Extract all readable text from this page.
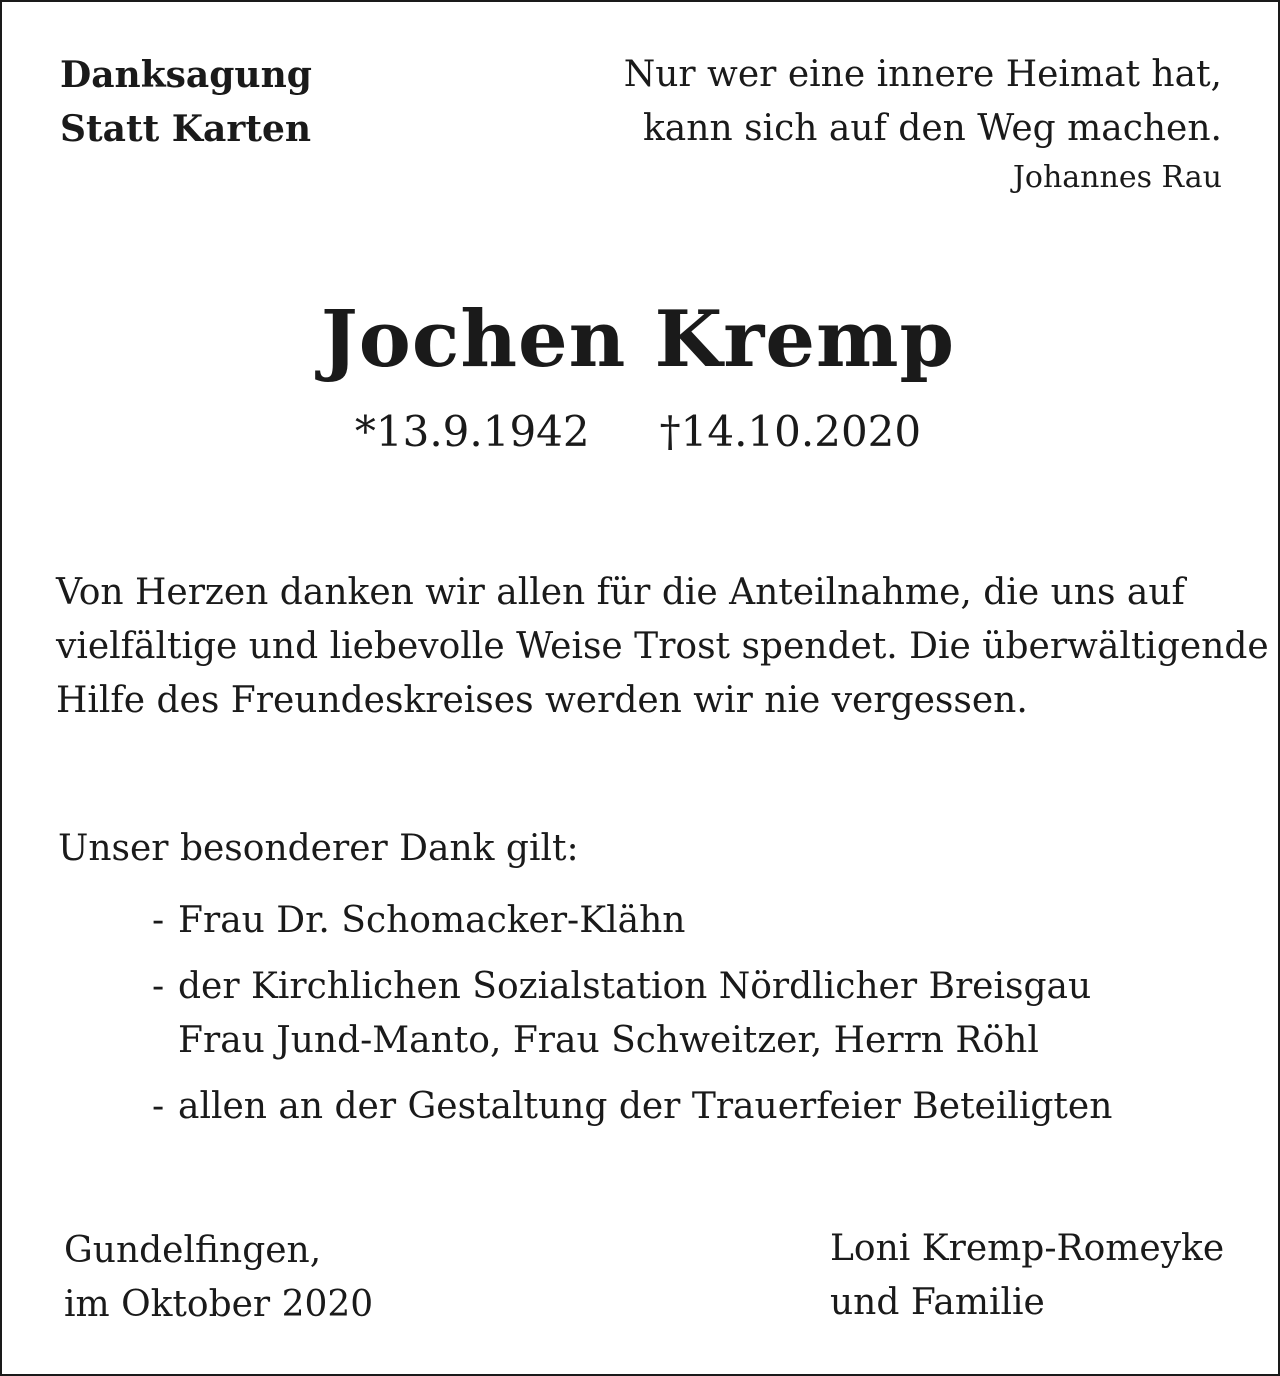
Danksagung
Statt Karten
Nur wer eine innere Heimat hat,
kann sich auf den Weg machen.
Johannes Rau
Jochen Kremp
*13.9.1942 †14.10.2020
Von Herzen danken wir allen für die Anteilnahme, die uns auf
vielfältige und liebevolle Weise Trost spendet. Die überwältigende
Hilfe des Freundeskreises werden wir nie vergessen.
Unser besonderer Dank gilt:
- Frau Dr. Schomacker-Klähn
- der Kirchlichen Sozialstation Nördlicher Breisgau
Frau Jund-Manto, Frau Schweitzer, Herrn Röhl
- allen an der Gestaltung der Trauerfeier Beteiligten
Gundelfingen,
im Oktober 2020
Loni Kremp-Romeyke
und Familie
